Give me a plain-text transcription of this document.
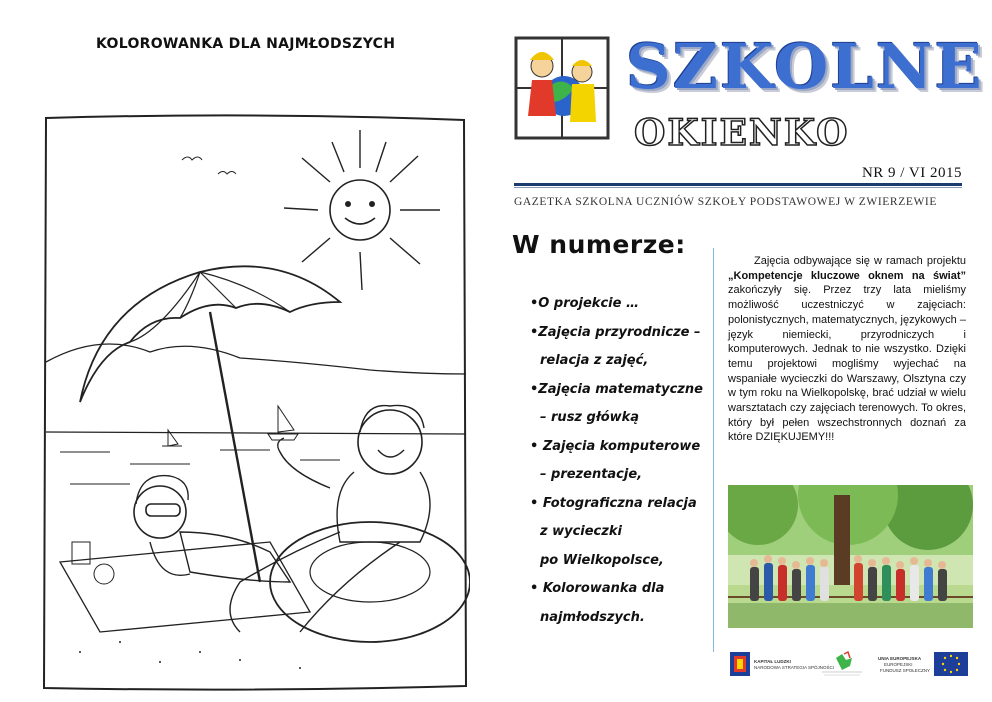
KOLOROWANKA DLA NAJMŁODSZYCH	SZKOLNE
OKIENKO
NR 9 / VI 2015
GAZETKA SZKOLNA UCZNIÓW SZKOŁY PODSTAWOWEJ W ZWIERZEWIE
W numerze:
•O projekcie …
•Zajęcia przyrodnicze –
relacja z zajęć,
•Zajęcia matematyczne
– rusz główką
• Zajęcia komputerowe
– prezentacje,
• Fotograficzna relacja
z wycieczki
po Wielkopolsce,
• Kolorowanka dla
najmłodszych.
Zajęcia odbywające się w ramach projektu „Kompetencje kluczowe oknem na świat” zakończyły się. Przez trzy lata mieliśmy możliwość uczestniczyć w zajęciach: polonistycznych, matematycznych, językowych – język niemiecki, przyrodniczych i komputerowych. Jednak to nie wszystko. Dzięki temu projektowi mogliśmy wyjechać na wspaniałe wycieczki do Warszawy, Olsztyna czy w tym roku na Wielkopolskę, brać udział w wielu warsztatach czy zajęciach terenowych. To okres, który był pełen wszechstronnych doznań za które DZIĘKUJEMY!!!
KAPITAŁ LUDZKI
NARODOWA STRATEGIA SPÓJNOŚCI
UNIA EUROPEJSKA
EUROPEJSKI
FUNDUSZ SPOŁECZNY
